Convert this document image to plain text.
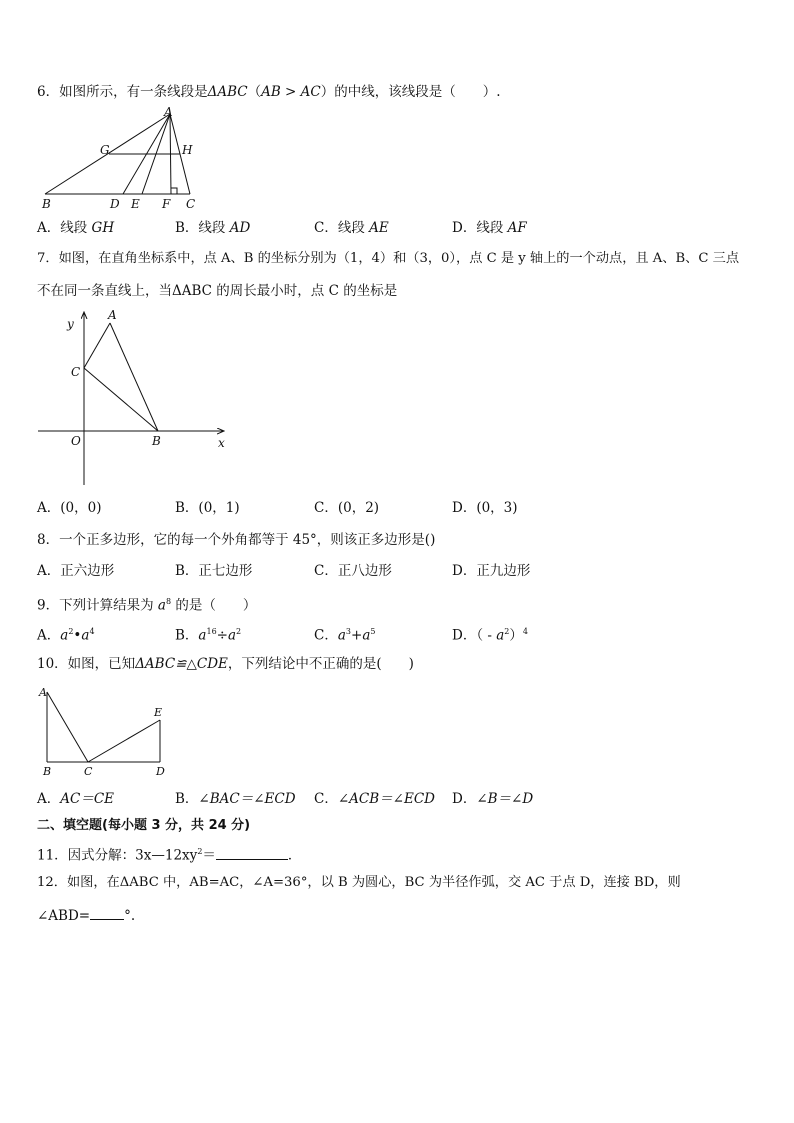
6．如图所示，有一条线段是ΔABC（AB > AC）的中线，该线段是（　　）.
A
G	H
B	D E F C
A．线段 GH	B．线段 AD	C．线段 AE	D．线段 AF
7．如图，在直角坐标系中，点 A、B 的坐标分别为（1，4）和（3，0），点 C 是 y 轴上的一个动点，且 A、B、C 三点
不在同一条直线上，当ΔABC 的周长最小时，点 C 的坐标是
y
A
C
O	B	x
A．(0，0)	B．(0，1)	C．(0，2)	D．(0，3)
8．一个正多边形，它的每一个外角都等于 45°，则该正多边形是()
A．正六边形	B．正七边形	C．正八边形	D．正九边形
9．下列计算结果为 $a^8$ 的是（　　）
A．$a^2•a^4$	B．$a^{16}\div a^2$	C．$a^3+a^5$	D．（ - $a^2)^4$
10．如图，已知ΔABC≌△CDE，下列结论中不正确的是(　　)
A
E
B	C	D
A．AC＝CE	B．∠BAC＝∠ECD C．∠ACB＝∠ECD D．∠B＝∠D
二、填空题(每小题 3 分，共 24 分)
11．因式分解：$3x—12xy^2=$	．
12．如图，在ΔABC 中，AB=AC，∠A=36°，以 B 为圆心，BC 为半径作弧，交 AC 于点 D，连接 BD，则
∠ABD=	°.
